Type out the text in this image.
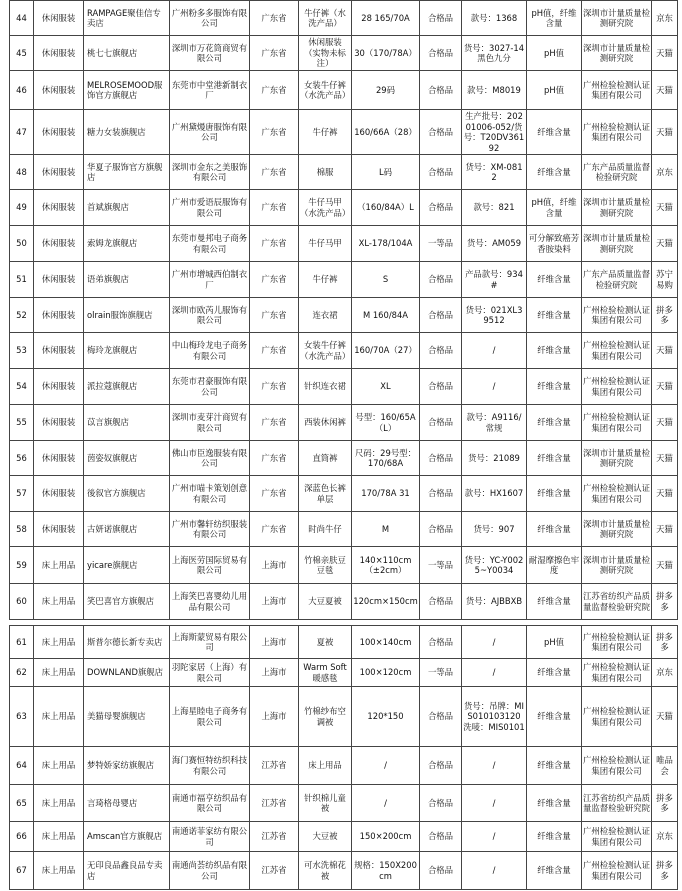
44	休闲服装	RAMPAGE聚佳信专卖店	广州粉多多服饰有限公司	广东省	牛仔裤（水洗产品）	28 165/70A	合格品	款号：1368	pH值，纤维含量	深圳市计量质量检测研究院	京东
45	休闲服装	桃七七旗舰店	深圳市万花筒商贸有限公司	广东省	休闲服装（实物未标注）	30（170/78A）	合格品	货号：3027-14黑色九分	pH值	深圳市计量质量检测研究院	天猫
46	休闲服装	MELROSEMOOD服饰官方旗舰店	东莞市中堂港新制衣厂	广东省	女装牛仔裤（水洗产品）	29码	合格品	款号：M8019	pH值	广州检验检测认证集团有限公司	天猫
47	休闲服装	糖力女装旗舰店	广州黛熳唐服饰有限公司	广东省	牛仔裤	160/66A（28）	合格品	生产批号：20201006-052/货号：T20DV36192	纤维含量	广州检验检测认证集团有限公司	天猫
48	休闲服装	华夏子服饰官方旗舰店	深圳市金东之美服饰有限公司	广东省	棉服	L码	合格品	货号：XM-0812	纤维含量	广东产品质量监督检验研究院	京东
49	休闲服装	首斌旗舰店	广州市爱语辰服饰有限公司	广东省	牛仔马甲（水洗产品）	（160/84A）L	合格品	款号：821	pH值，纤维含量	深圳市计量质量检测研究院	天猫
50	休闲服装	索姆龙旗舰店	东莞市曼邦电子商务有限公司	广东省	牛仔马甲	XL-178/104A	一等品	货号：AM059	可分解致癌芳香胺染料	深圳市计量质量检测研究院	天猫
51	休闲服装	语弟旗舰店	广州市增城西伯制衣厂	广东省	牛仔裤	S	合格品	产品款号：934#	纤维含量	广东产品质量监督检验研究院	苏宁易购
52	休闲服装	olrain服饰旗舰店	深圳市欧芮儿服饰有限公司	广东省	连衣裙	M 160/84A	合格品	货号：021XL39512	纤维含量	广州检验检测认证集团有限公司	拼多多
53	休闲服装	梅玲龙旗舰店	中山梅玲龙电子商务有限公司	广东省	女装牛仔裤（水洗产品）	160/70A（27）	合格品	/	纤维含量	广州检验检测认证集团有限公司	天猫
54	休闲服装	派拉蔻旗舰店	东莞市君豪服饰有限公司	广东省	针织连衣裙	XL	合格品	/	纤维含量	广州检验检测认证集团有限公司	天猫
55	休闲服装	苡言旗舰店	深圳市麦芽汁商贸有限公司	广东省	西装休闲裤	号型：160/65A（L）	合格品	款号：A9116/常规	纤维含量	广州检验检测认证集团有限公司	天猫
56	休闲服装	茵姿奴旗舰店	佛山市臣逸服装有限公司	广东省	直筒裤	尺码：29号型：170/68A	合格品	货号：21089	纤维含量	深圳市计量质量检测研究院	天猫
57	休闲服装	後叙官方旗舰店	广州市喵卡策划创意有限公司	广东省	深蓝色长裤单层	170/78A 31	合格品	款号：HX1607	纤维含量	广州检验检测认证集团有限公司	天猫
58	休闲服装	古妍诺旗舰店	广州市馨轩纺织服装有限公司	广东省	时尚牛仔	M	合格品	货号：907	纤维含量	深圳市计量质量检测研究院	天猫
59	床上用品	yicare旗舰店	上海医劳国际贸易有限公司	上海市	竹棉亲肤豆豆毯	140×110cm（±2cm）	一等品	货号：YC-Y0025~Y0034	耐湿摩擦色牢度	深圳市计量质量检测研究院	天猫
60	床上用品	笑巴喜官方旗舰店	上海笑巴喜婴幼儿用品有限公司	上海市	大豆夏被	120cm×150cm	合格品	货号：AJBBXB	纤维含量	江苏省纺织产品质量监督检验研究院	拼多多
61	床上用品	斯普尔德长新专卖店	上海斯蒙贸易有限公司	上海市	夏被	100×140cm	合格品	/	pH值	广州检验检测认证集团有限公司	拼多多
62	床上用品	DOWNLAND旗舰店	羽陀家居（上海）有限公司	上海市	Warm Soft 暖感毯	100×120cm	一等品	/	纤维含量	广州检验检测认证集团有限公司	京东
63	床上用品	美猫母婴旗舰店	上海星睦电子商务有限公司	上海市	竹棉纱布空调被	120*150	合格品	货号：吊牌：MIS010103120 洗唛：MIS0101	纤维含量	广州检验检测认证集团有限公司	天猫
64	床上用品	梦特娇家纺旗舰店	海门赛恒特纺织科技有限公司	江苏省	床上用品	/	合格品	/	纤维含量	广州检验检测认证集团有限公司	唯品会
65	床上用品	言琦格母婴店	南通市福亨纺织品有限公司	江苏省	针织棉儿童被	/	合格品	/	纤维含量	江苏省纺织产品质量监督检验研究院	拼多多
66	床上用品	Amscan官方旗舰店	南通诺菲家纺有限公司	江苏省	大豆被	150×200cm	合格品	/	纤维含量	广州检验检测认证集团有限公司	京东
67	床上用品	无印良品鑫良品专卖店	南通尚荟纺织品有限公司	江苏省	可水洗棉花被	规格：150X200cm	合格品	/	纤维含量	广州检验检测认证集团有限公司	拼多多
